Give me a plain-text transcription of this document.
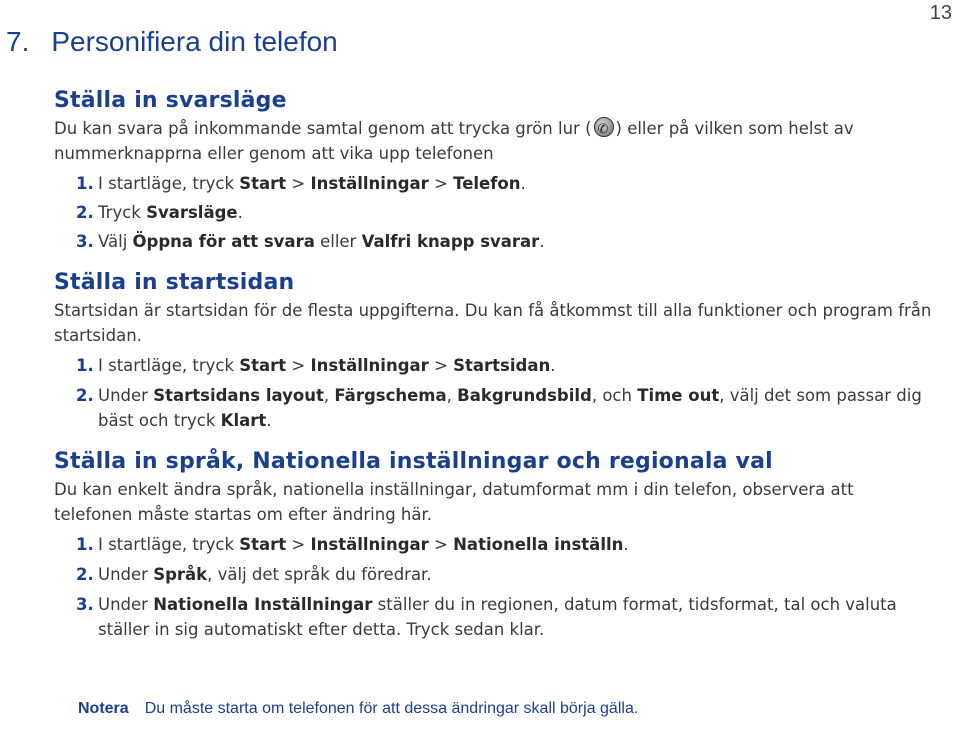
13
7. Personifiera din telefon
Ställa in svarsläge

Du kan svara på inkommande samtal genom att trycka grön lur (✆ ) eller på vilken som helst av nummerknapprna eller genom att vika upp telefonen

1. I startläge, tryck Start > Inställningar > Telefon.
2. Tryck Svarsläge.
3. Välj Öppna för att svara eller Valfri knapp svarar.
Ställa in startsidan

Startsidan är startsidan för de flesta uppgifterna. Du kan få åtkommst till alla funktioner och program från startsidan.

1. I startläge, tryck Start > Inställningar > Startsidan.
2. Under Startsidans layout, Färgschema, Bakgrundsbild, och Time out, välj det som passar dig bäst och tryck Klart.
Ställa in språk, Nationella inställningar och regionala val

Du kan enkelt ändra språk, nationella inställningar, datumformat mm i din telefon, observera att telefonen måste startas om efter ändring här.

1. I startläge, tryck Start > Inställningar > Nationella inställn.
2. Under Språk, välj det språk du föredrar.
3. Under Nationella Inställningar ställer du in regionen, datum format, tidsformat, tal och valuta ställer in sig automatiskt efter detta. Tryck sedan klar.
Notera Du måste starta om telefonen för att dessa ändringar skall börja gälla.
